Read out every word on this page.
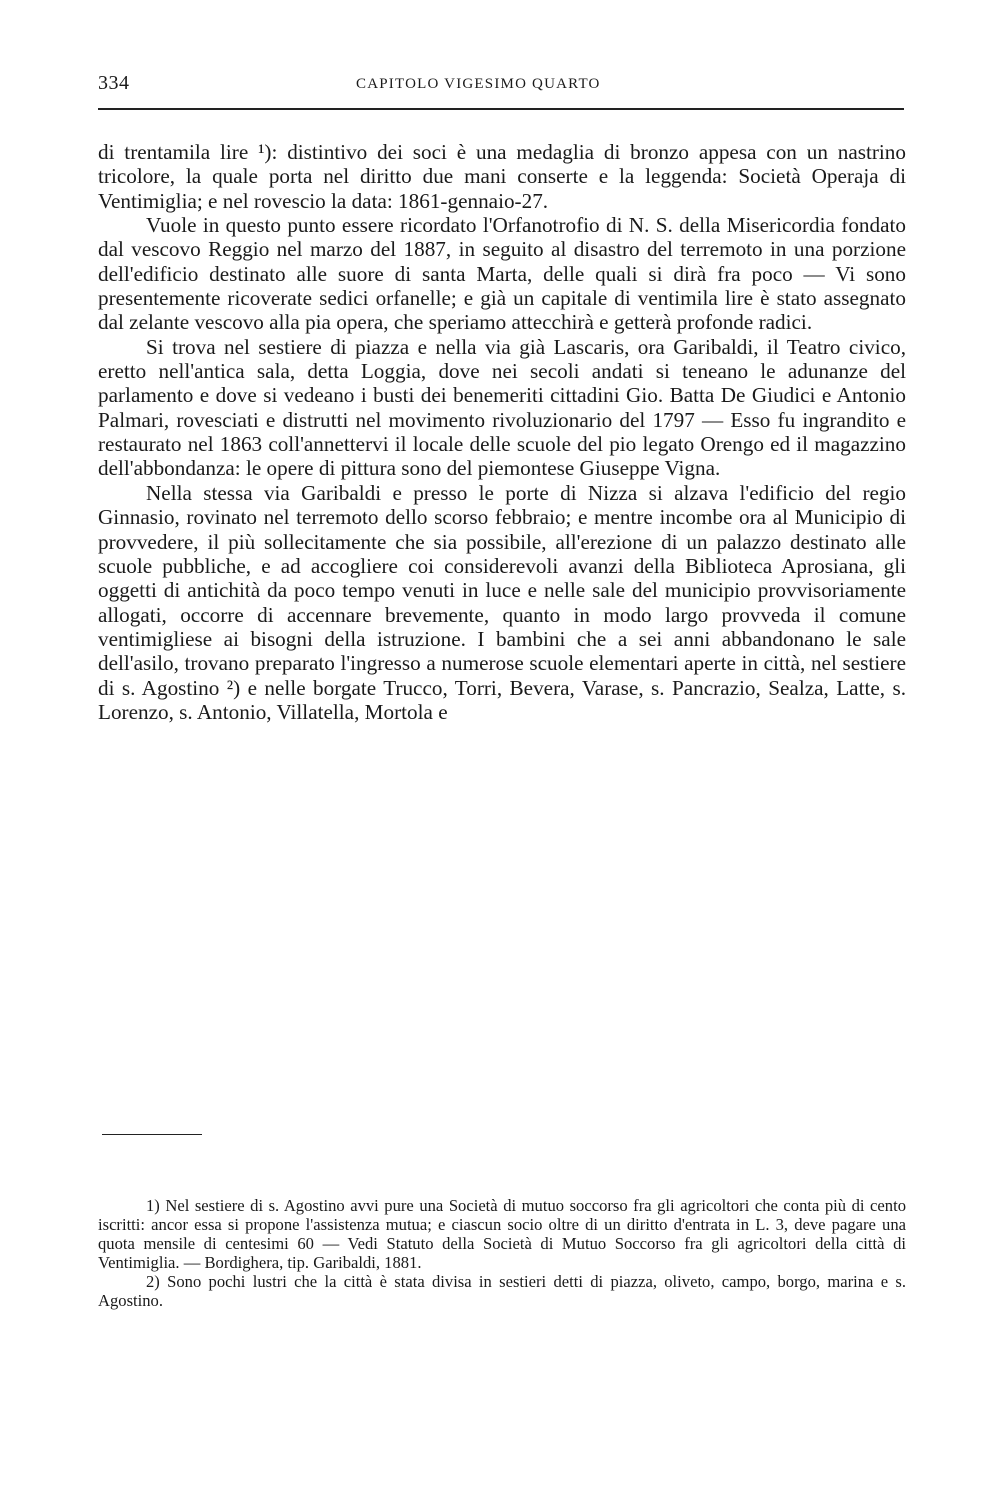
334	CAPITOLO VIGESIMO QUARTO

di trentamila lire ¹): distintivo dei soci è una medaglia di bronzo appesa con un nastrino tricolore, la quale porta nel diritto due mani conserte e la leggenda: Società Operaja di Ventimiglia; e nel rovescio la data: 1861-gennaio-27.

Vuole in questo punto essere ricordato l'Orfanotrofio di N. S. della Misericordia fondato dal vescovo Reggio nel marzo del 1887, in seguito al disastro del terremoto in una porzione dell'edificio destinato alle suore di santa Marta, delle quali si dirà fra poco — Vi sono presentemente ricoverate sedici orfanelle; e già un capitale di ventimila lire è stato assegnato dal zelante vescovo alla pia opera, che speriamo attecchirà e getterà profonde radici.

Si trova nel sestiere di piazza e nella via già Lascaris, ora Garibaldi, il Teatro civico, eretto nell'antica sala, detta Loggia, dove nei secoli andati si teneano le adunanze del parlamento e dove si vedeano i busti dei benemeriti cittadini Gio. Batta De Giudici e Antonio Palmari, rovesciati e distrutti nel movimento rivoluzionario del 1797 — Esso fu ingrandito e restaurato nel 1863 coll'annettervi il locale delle scuole del pio legato Orengo ed il magazzino dell'abbondanza: le opere di pittura sono del piemontese Giuseppe Vigna.

Nella stessa via Garibaldi e presso le porte di Nizza si alzava l'edificio del regio Ginnasio, rovinato nel terremoto dello scorso febbraio; e mentre incombe ora al Municipio di provvedere, il più sollecitamente che sia possibile, all'erezione di un palazzo destinato alle scuole pubbliche, e ad accogliere coi considerevoli avanzi della Biblioteca Aprosiana, gli oggetti di antichità da poco tempo venuti in luce e nelle sale del municipio provvisoriamente allogati, occorre di accennare brevemente, quanto in modo largo provveda il comune ventimigliese ai bisogni della istruzione. I bambini che a sei anni abbandonano le sale dell'asilo, trovano preparato l'ingresso a numerose scuole elementari aperte in città, nel sestiere di s. Agostino ²) e nelle borgate Trucco, Torri, Bevera, Varase, s. Pancrazio, Sealza, Latte, s. Lorenzo, s. Antonio, Villatella, Mortola e

1) Nel sestiere di s. Agostino avvi pure una Società di mutuo soccorso fra gli agricoltori che conta più di cento iscritti: ancor essa si propone l'assistenza mutua; e ciascun socio oltre di un diritto d'entrata in L. 3, deve pagare una quota mensile di centesimi 60 — Vedi Statuto della Società di Mutuo Soccorso fra gli agricoltori della città di Ventimiglia. — Bordighera, tip. Garibaldi, 1881.

2) Sono pochi lustri che la città è stata divisa in sestieri detti di piazza, oliveto, campo, borgo, marina e s. Agostino.
